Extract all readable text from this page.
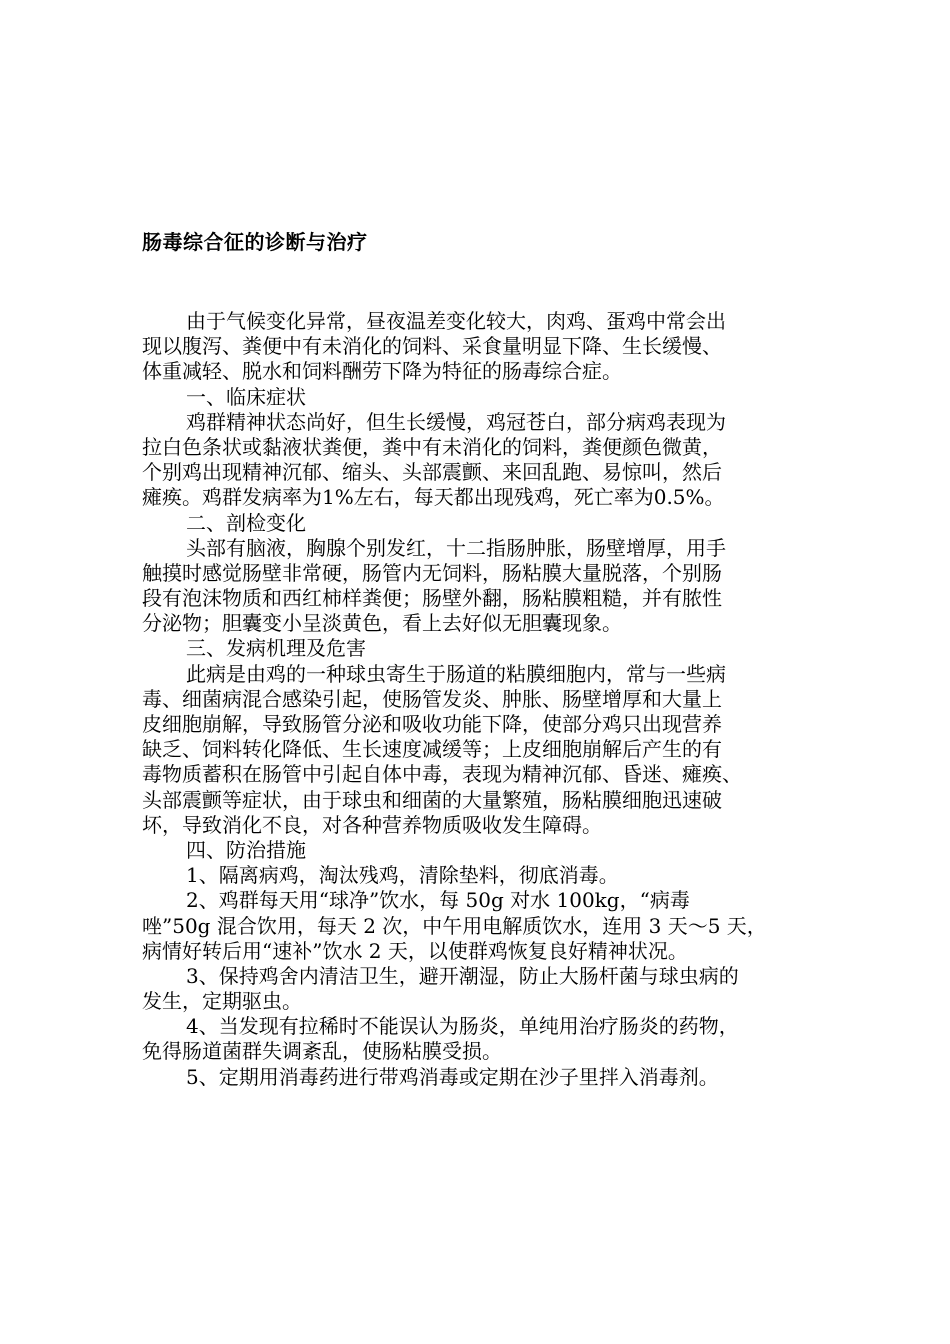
肠毒综合征的诊断与治疗
由于气候变化异常，昼夜温差变化较大，肉鸡、蛋鸡中常会出
现以腹泻、粪便中有未消化的饲料、采食量明显下降、生长缓慢、
体重减轻、脱水和饲料酬劳下降为特征的肠毒综合症。
一、临床症状
鸡群精神状态尚好，但生长缓慢，鸡冠苍白，部分病鸡表现为
拉白色条状或黏液状粪便，粪中有未消化的饲料，粪便颜色微黄，
个别鸡出现精神沉郁、缩头、头部震颤、来回乱跑、易惊叫，然后
瘫痪。鸡群发病率为1%左右，每天都出现残鸡，死亡率为0.5%。
二、剖检变化
头部有脑液，胸腺个别发红，十二指肠肿胀，肠壁增厚，用手
触摸时感觉肠壁非常硬，肠管内无饲料，肠粘膜大量脱落，个别肠
段有泡沫物质和西红柿样粪便；肠壁外翻，肠粘膜粗糙，并有脓性
分泌物；胆囊变小呈淡黄色，看上去好似无胆囊现象。
三、发病机理及危害
此病是由鸡的一种球虫寄生于肠道的粘膜细胞内，常与一些病
毒、细菌病混合感染引起，使肠管发炎、肿胀、肠壁增厚和大量上
皮细胞崩解，导致肠管分泌和吸收功能下降，使部分鸡只出现营养
缺乏、饲料转化降低、生长速度减缓等；上皮细胞崩解后产生的有
毒物质蓄积在肠管中引起自体中毒，表现为精神沉郁、昏迷、瘫痪、
头部震颤等症状，由于球虫和细菌的大量繁殖，肠粘膜细胞迅速破
坏，导致消化不良，对各种营养物质吸收发生障碍。
四、防治措施
1、隔离病鸡，淘汰残鸡，清除垫料，彻底消毒。
2、鸡群每天用“球净”饮水，每 50g 对水 100kg，“病毒
唑”50g 混合饮用，每天 2 次，中午用电解质饮水，连用 3 天～5 天，
病情好转后用“速补”饮水 2 天，以使群鸡恢复良好精神状况。
3、保持鸡舍内清洁卫生，避开潮湿，防止大肠杆菌与球虫病的
发生，定期驱虫。
4、当发现有拉稀时不能误认为肠炎，单纯用治疗肠炎的药物，
免得肠道菌群失调紊乱，使肠粘膜受损。
5、定期用消毒药进行带鸡消毒或定期在沙子里拌入消毒剂。
